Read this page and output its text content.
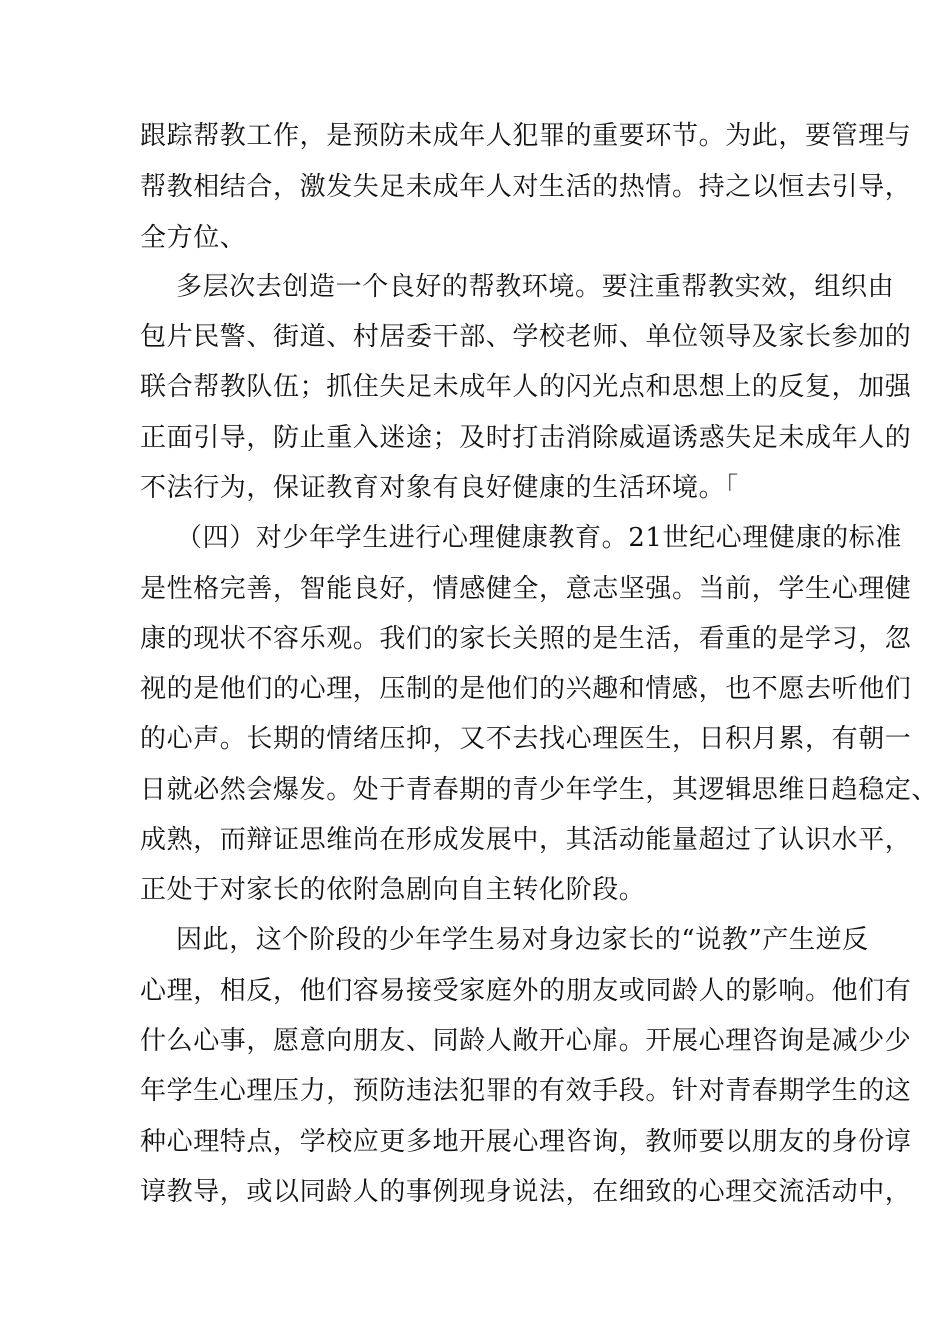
跟踪帮教工作，是预防未成年人犯罪的重要环节。为此，要管理与

帮教相结合，激发失足未成年人对生活的热情。持之以恒去引导，

全方位、

多层次去创造一个良好的帮教环境。要注重帮教实效，组织由

包片民警、街道、村居委干部、学校老师、单位领导及家长参加的

联合帮教队伍；抓住失足未成年人的闪光点和思想上的反复，加强

正面引导，防止重入迷途；及时打击消除威逼诱惑失足未成年人的

不法行为，保证教育对象有良好健康的生活环境。「

（四）对少年学生进行心理健康教育。21世纪心理健康的标准

是性格完善，智能良好，情感健全，意志坚强。当前，学生心理健

康的现状不容乐观。我们的家长关照的是生活，看重的是学习，忽

视的是他们的心理，压制的是他们的兴趣和情感，也不愿去听他们

的心声。长期的情绪压抑，又不去找心理医生，日积月累，有朝一

日就必然会爆发。处于青春期的青少年学生，其逻辑思维日趋稳定、

成熟，而辩证思维尚在形成发展中，其活动能量超过了认识水平，

正处于对家长的依附急剧向自主转化阶段。

因此，这个阶段的少年学生易对身边家长的“说教”产生逆反

心理，相反，他们容易接受家庭外的朋友或同龄人的影响。他们有

什么心事，愿意向朋友、同龄人敞开心扉。开展心理咨询是减少少

年学生心理压力，预防违法犯罪的有效手段。针对青春期学生的这

种心理特点，学校应更多地开展心理咨询，教师要以朋友的身份谆

谆教导，或以同龄人的事例现身说法，在细致的心理交流活动中，
